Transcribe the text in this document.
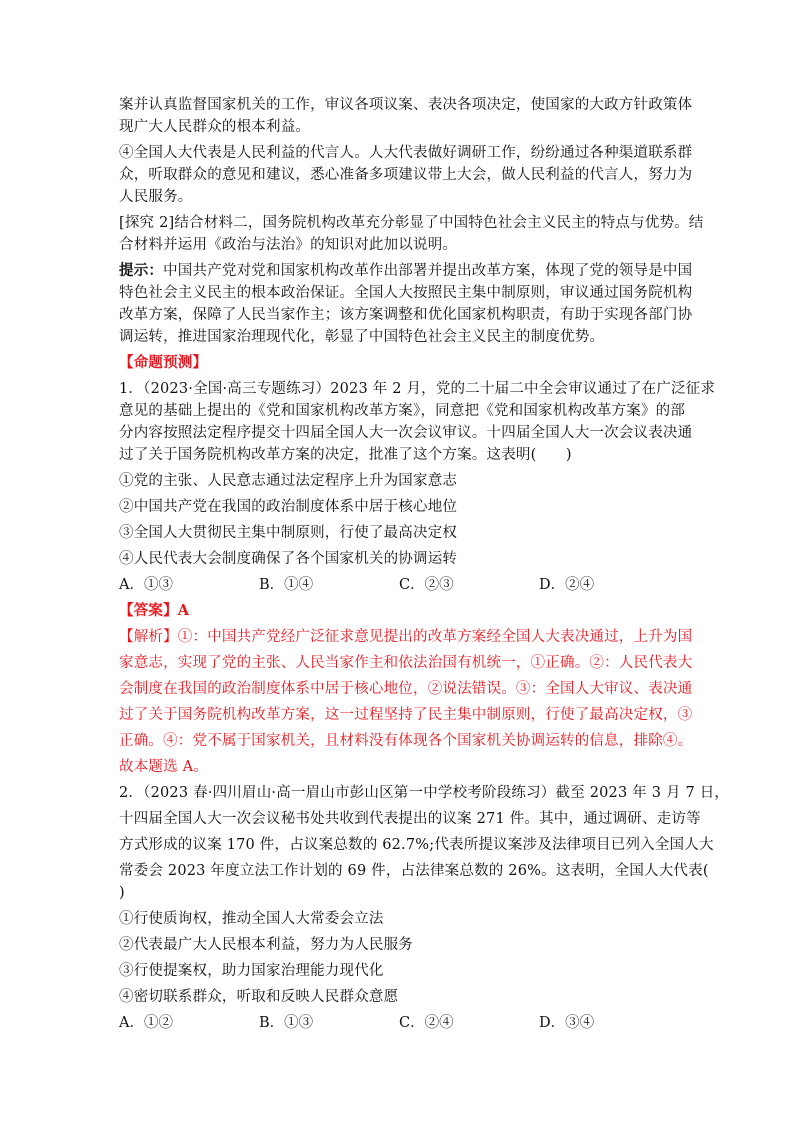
案并认真监督国家机关的工作，审议各项议案、表决各项决定，使国家的大政方针政策体

现广大人民群众的根本利益。

④全国人大代表是人民利益的代言人。人大代表做好调研工作，纷纷通过各种渠道联系群

众，听取群众的意见和建议，悉心准备多项建议带上大会，做人民利益的代言人，努力为

人民服务。

[探究 2]结合材料二，国务院机构改革充分彰显了中国特色社会主义民主的特点与优势。结

合材料并运用《政治与法治》的知识对此加以说明。

提示：中国共产党对党和国家机构改革作出部署并提出改革方案，体现了党的领导是中国

特色社会主义民主的根本政治保证。全国人大按照民主集中制原则，审议通过国务院机构

改革方案，保障了人民当家作主；该方案调整和优化国家机构职责，有助于实现各部门协

调运转，推进国家治理现代化，彰显了中国特色社会主义民主的制度优势。

【命题预测】

1．（2023·全国·高三专题练习）2023 年 2 月，党的二十届二中全会审议通过了在广泛征求

意见的基础上提出的《党和国家机构改革方案》，同意把《党和国家机构改革方案》的部

分内容按照法定程序提交十四届全国人大一次会议审议。十四届全国人大一次会议表决通

过了关于国务院机构改革方案的决定，批准了这个方案。这表明(　　)

①党的主张、人民意志通过法定程序上升为国家意志

②中国共产党在我国的政治制度体系中居于核心地位

③全国人大贯彻民主集中制原则，行使了最高决定权

④人民代表大会制度确保了各个国家机关的协调运转

A．①③	B．①④	C．②③	D．②④

【答案】A

【解析】①：中国共产党经广泛征求意见提出的改革方案经全国人大表决通过，上升为国

家意志，实现了党的主张、人民当家作主和依法治国有机统一，①正确。②：人民代表大

会制度在我国的政治制度体系中居于核心地位，②说法错误。③：全国人大审议、表决通

过了关于国务院机构改革方案，这一过程坚持了民主集中制原则，行使了最高决定权，③

正确。④：党不属于国家机关，且材料没有体现各个国家机关协调运转的信息，排除④。

故本题选 A。

2．（2023 春·四川眉山·高一眉山市彭山区第一中学校考阶段练习）截至 2023 年 3 月 7 日，

十四届全国人大一次会议秘书处共收到代表提出的议案 271 件。其中，通过调研、走访等

方式形成的议案 170 件，占议案总数的 62.7%;代表所提议案涉及法律项目已列入全国人大

常委会 2023 年度立法工作计划的 69 件，占法律案总数的 26%。这表明，全国人大代表(

)

①行使质询权，推动全国人大常委会立法

②代表最广大人民根本利益，努力为人民服务

③行使提案权，助力国家治理能力现代化

④密切联系群众，听取和反映人民群众意愿

A．①②	B．①③	C．②④	D．③④
